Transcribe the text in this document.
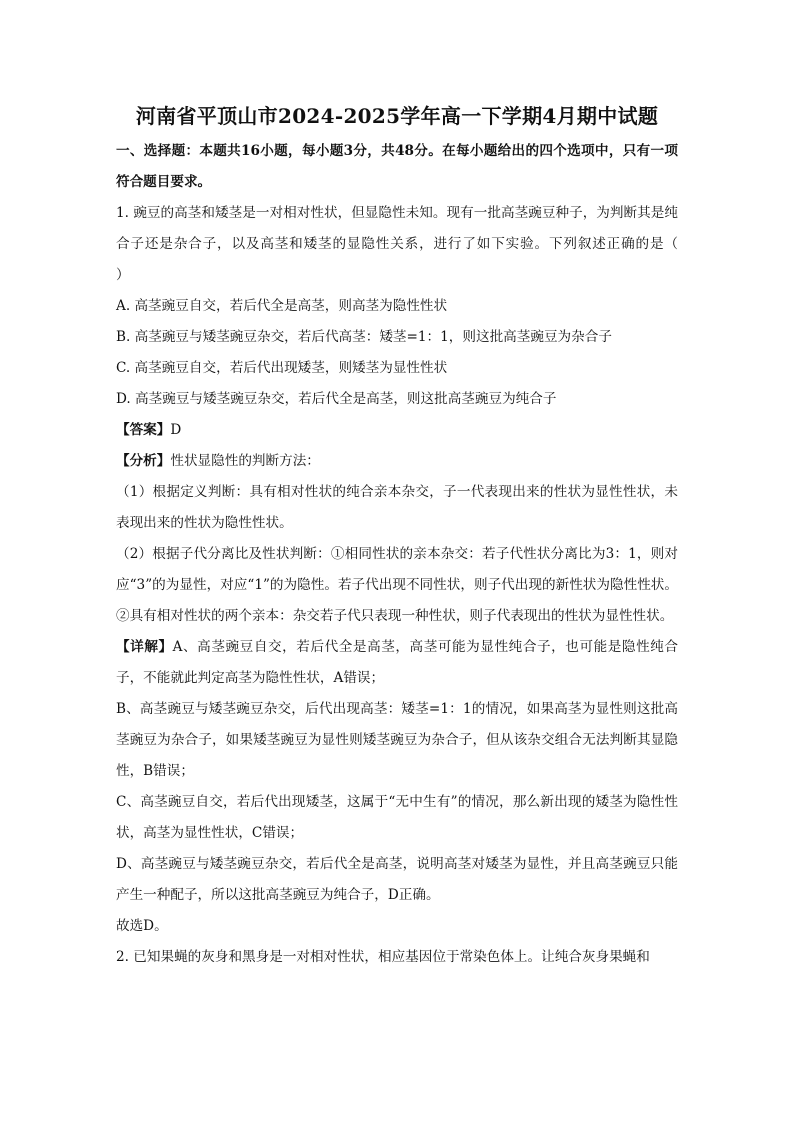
河南省平顶山市2024-2025学年高一下学期4月期中试题

一、选择题：本题共16小题，每小题3分，共48分。在每小题给出的四个选项中，只有一项符合题目要求。

1. 豌豆的高茎和矮茎是一对相对性状，但显隐性未知。现有一批高茎豌豆种子，为判断其是纯合子还是杂合子，以及高茎和矮茎的显隐性关系，进行了如下实验。下列叙述正确的是（　　）

A. 高茎豌豆自交，若后代全是高茎，则高茎为隐性性状

B. 高茎豌豆与矮茎豌豆杂交，若后代高茎：矮茎=1：1，则这批高茎豌豆为杂合子

C. 高茎豌豆自交，若后代出现矮茎，则矮茎为显性性状

D. 高茎豌豆与矮茎豌豆杂交，若后代全是高茎，则这批高茎豌豆为纯合子

【答案】D

【分析】性状显隐性的判断方法：

（1）根据定义判断：具有相对性状的纯合亲本杂交，子一代表现出来的性状为显性性状，未表现出来的性状为隐性性状。

（2）根据子代分离比及性状判断：①相同性状的亲本杂交：若子代性状分离比为3：1，则对应“3”的为显性，对应“1”的为隐性。若子代出现不同性状，则子代出现的新性状为隐性性状。②具有相对性状的两个亲本：杂交若子代只表现一种性状，则子代表现出的性状为显性性状。

【详解】A、高茎豌豆自交，若后代全是高茎，高茎可能为显性纯合子，也可能是隐性纯合子，不能就此判定高茎为隐性性状，A错误；

B、高茎豌豆与矮茎豌豆杂交，后代出现高茎：矮茎=1：1的情况，如果高茎为显性则这批高茎豌豆为杂合子，如果矮茎豌豆为显性则矮茎豌豆为杂合子，但从该杂交组合无法判断其显隐性，B错误；

C、高茎豌豆自交，若后代出现矮茎，这属于“无中生有”的情况，那么新出现的矮茎为隐性性状，高茎为显性性状，C错误；

D、高茎豌豆与矮茎豌豆杂交，若后代全是高茎，说明高茎对矮茎为显性，并且高茎豌豆只能产生一种配子，所以这批高茎豌豆为纯合子，D正确。

故选D。

2. 已知果蝇的灰身和黑身是一对相对性状，相应基因位于常染色体上。让纯合灰身果蝇和
